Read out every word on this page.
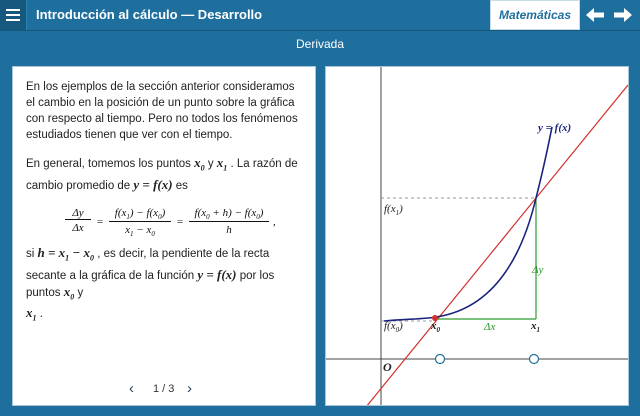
Introducción al cálculo — Desarrollo	Matemáticas
Derivada
En los ejemplos de la sección anterior consideramos el cambio en la posición de un punto sobre la gráfica con respecto al tiempo. Pero no todos los fenómenos estudiados tienen que ver con el tiempo.
En general, tomemos los puntos $x_0$ y $x_1$ . La razón de cambio promedio de y = f(x) es
$\frac{\Delta y}{\Delta x} = \frac{f(x_1) - f(x_0)}{x_1 - x_0} = \frac{f(x_0 + h) - f(x_0)}{h}$ ,
si $h = x_1 - x_0$ , es decir, la pendiente de la recta secante a la gráfica de la función y = f(x) por los puntos $x_0$ y
$x_1$ .
‹ 1 / 3 ›
y = f(x)
$f(x_1)$
$f(x_0)$	$x_0$	$x_1$
Δx
Δy
O
